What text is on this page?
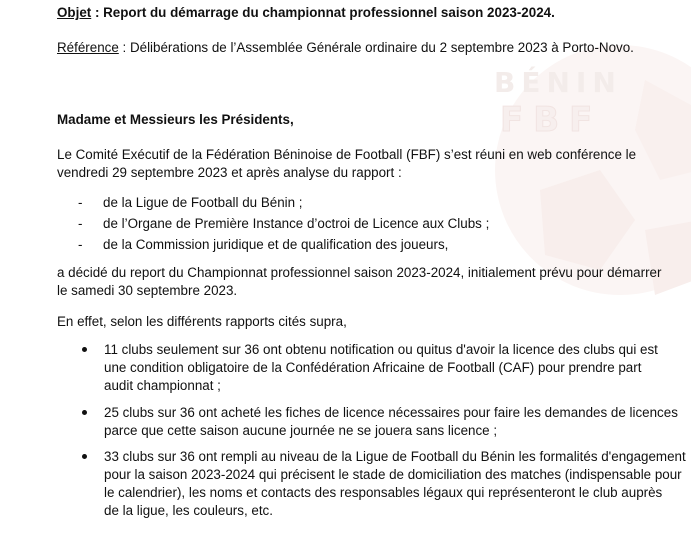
BÉNIN
FBF
Objet : Report du démarrage du championnat professionnel saison 2023-2024.
Référence : Délibérations de l’Assemblée Générale ordinaire du 2 septembre 2023 à Porto-Novo.
Madame et Messieurs les Présidents,
Le Comité Exécutif de la Fédération Béninoise de Football (FBF) s’est réuni en web conférence le
vendredi 29 septembre 2023 et après analyse du rapport :
- de la Ligue de Football du Bénin ;
- de l’Organe de Première Instance d’octroi de Licence aux Clubs ;
- de la Commission juridique et de qualification des joueurs,
a décidé du report du Championnat professionnel saison 2023-2024, initialement prévu pour démarrer
le samedi 30 septembre 2023.
En effet, selon les différents rapports cités supra,
11 clubs seulement sur 36 ont obtenu notification ou quitus d'avoir la licence des clubs qui est
une condition obligatoire de la Confédération Africaine de Football (CAF) pour prendre part
audit championnat ;
25 clubs sur 36 ont acheté les fiches de licence nécessaires pour faire les demandes de licences
parce que cette saison aucune journée ne se jouera sans licence ;
33 clubs sur 36 ont rempli au niveau de la Ligue de Football du Bénin les formalités d'engagement
pour la saison 2023-2024 qui précisent le stade de domiciliation des matches (indispensable pour
le calendrier), les noms et contacts des responsables légaux qui représenteront le club auprès
de la ligue, les couleurs, etc.
